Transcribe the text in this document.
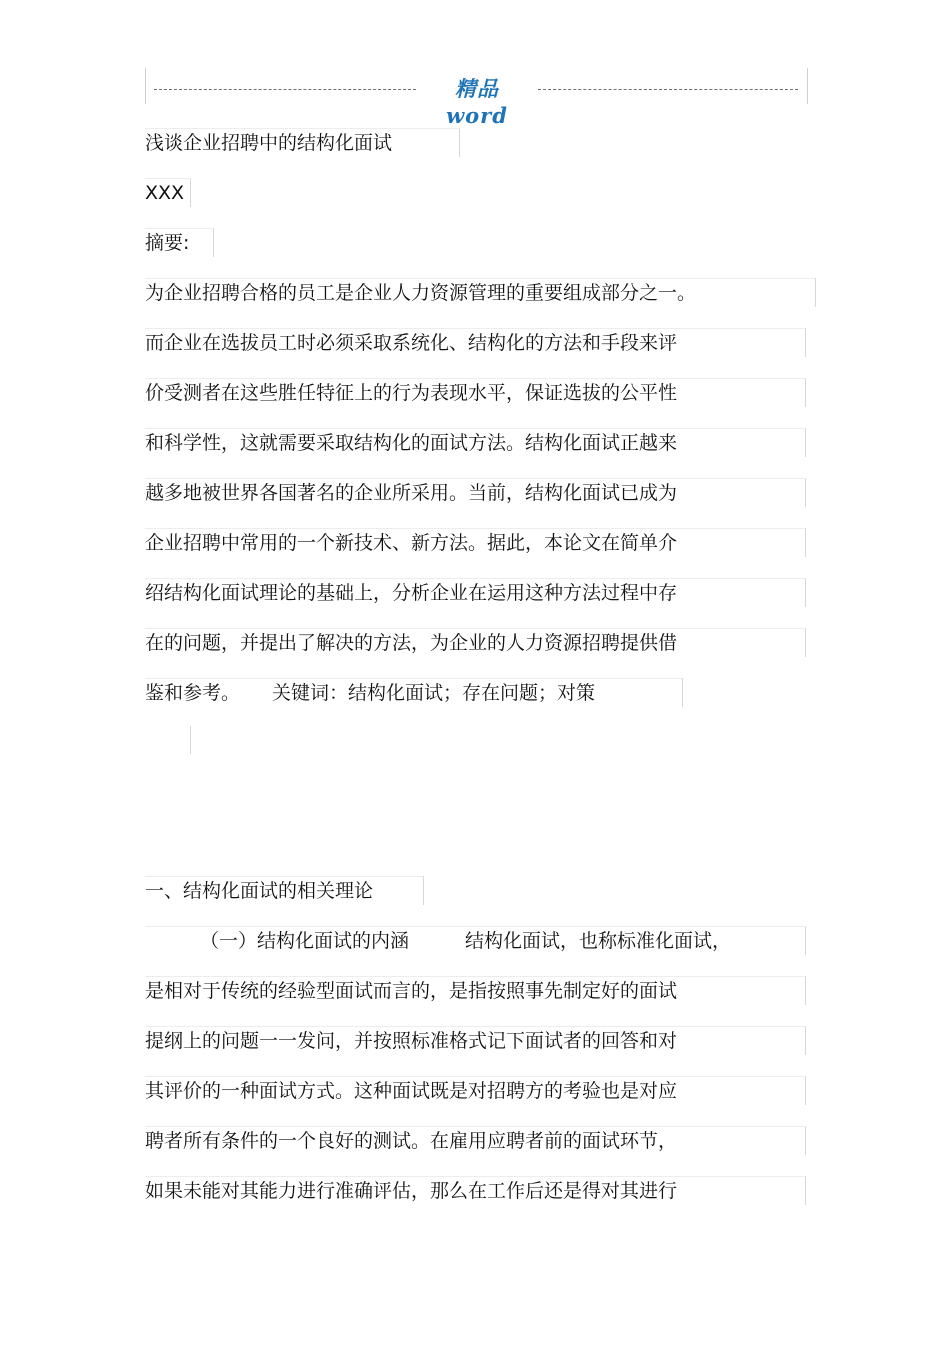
精品 word
浅谈企业招聘中的结构化面试
XXX
摘要:
为企业招聘合格的员工是企业人力资源管理的重要组成部分之一。
而企业在选拔员工时必须采取系统化、结构化的方法和手段来评
价受测者在这些胜任特征上的行为表现水平，保证选拔的公平性
和科学性，这就需要采取结构化的面试方法。结构化面试正越来
越多地被世界各国著名的企业所采用。当前，结构化面试已成为
企业招聘中常用的一个新技术、新方法。据此，本论文在简单介
绍结构化面试理论的基础上，分析企业在运用这种方法过程中存
在的问题，并提出了解决的方法，为企业的人力资源招聘提供借
鉴和参考。 关键词：结构化面试；存在问题；对策
一、结构化面试的相关理论
（一）结构化面试的内涵	结构化面试，也称标准化面试，
是相对于传统的经验型面试而言的，是指按照事先制定好的面试
提纲上的问题一一发问，并按照标准格式记下面试者的回答和对
其评价的一种面试方式。这种面试既是对招聘方的考验也是对应
聘者所有条件的一个良好的测试。在雇用应聘者前的面试环节，
如果未能对其能力进行准确评估，那么在工作后还是得对其进行
